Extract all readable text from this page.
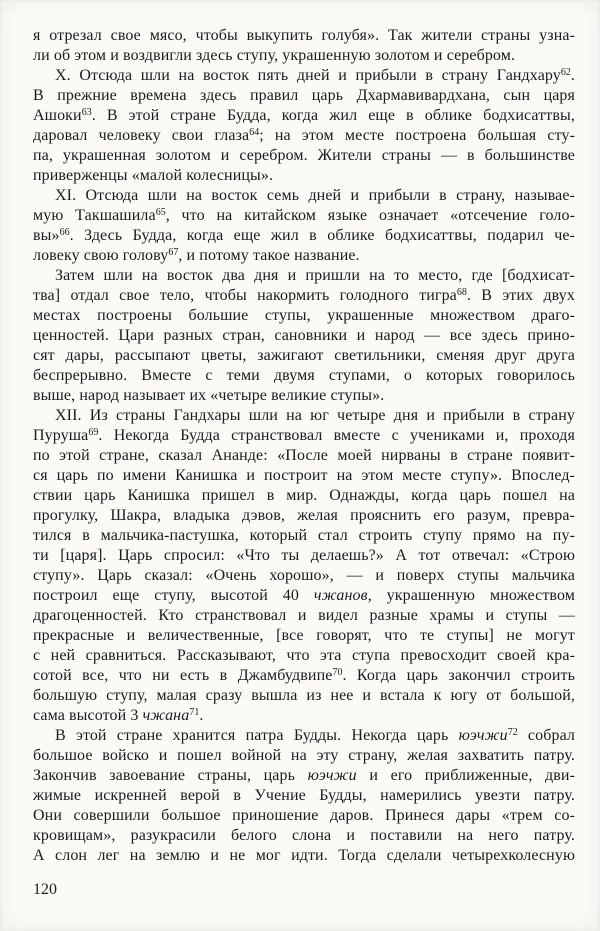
я отрезал свое мясо, чтобы выкупить голубя». Так жители страны узна-
ли об этом и воздвигли здесь ступу, украшенную золотом и серебром.
X. Отсюда шли на восток пять дней и прибыли в страну Гандхару$^{62}$.
В прежние времена здесь правил царь Дхармавивардхана, сын царя
Ашоки$^{63}$. В этой стране Будда, когда жил еще в облике бодхисаттвы,
даровал человеку свои глаза$^{64}$; на этом месте построена большая сту-
па, украшенная золотом и серебром. Жители страны — в большинстве
приверженцы «малой колесницы».
XI. Отсюда шли на восток семь дней и прибыли в страну, называе-
мую Такшашила$^{65}$, что на китайском языке означает «отсечение голо-
вы»$^{66}$. Здесь Будда, когда еще жил в облике бодхисаттвы, подарил че-
ловеку свою голову$^{67}$, и потому такое название.
Затем шли на восток два дня и пришли на то место, где [бодхисат-
тва] отдал свое тело, чтобы накормить голодного тигра$^{68}$. В этих двух
местах построены большие ступы, украшенные множеством драго-
ценностей. Цари разных стран, сановники и народ — все здесь прино-
сят дары, рассыпают цветы, зажигают светильники, сменяя друг друга
беспрерывно. Вместе с теми двумя ступами, о которых говорилось
выше, народ называет их «четыре великие ступы».
XII. Из страны Гандхары шли на юг четыре дня и прибыли в страну
Пуруша$^{69}$. Некогда Будда странствовал вместе с учениками и, проходя
по этой стране, сказал Ананде: «После моей нирваны в стране появит-
ся царь по имени Канишка и построит на этом месте ступу». Впослед-
ствии царь Канишка пришел в мир. Однажды, когда царь пошел на
прогулку, Шакра, владыка дэвов, желая прояснить его разум, превра-
тился в мальчика-пастушка, который стал строить ступу прямо на пу-
ти [царя]. Царь спросил: «Что ты делаешь?» А тот отвечал: «Строю
ступу». Царь сказал: «Очень хорошо», — и поверх ступы мальчика
построил еще ступу, высотой 40 чжанов, украшенную множеством
драгоценностей. Кто странствовал и видел разные храмы и ступы —
прекрасные и величественные, [все говорят, что те ступы] не могут
с ней сравниться. Рассказывают, что эта ступа превосходит своей кра-
сотой все, что ни есть в Джамбудвипе$^{70}$. Когда царь закончил строить
большую ступу, малая сразу вышла из нее и встала к югу от большой,
сама высотой 3 чжана$^{71}$.
В этой стране хранится патра Будды. Некогда царь юэчжи$^{72}$ собрал
большое войско и пошел войной на эту страну, желая захватить патру.
Закончив завоевание страны, царь юэчжи и его приближенные, дви-
жимые искренней верой в Учение Будды, намерились увезти патру.
Они совершили большое приношение даров. Принеся дары «трем со-
кровищам», разукрасили белого слона и поставили на него патру.
А слон лег на землю и не мог идти. Тогда сделали четырехколесную
120
